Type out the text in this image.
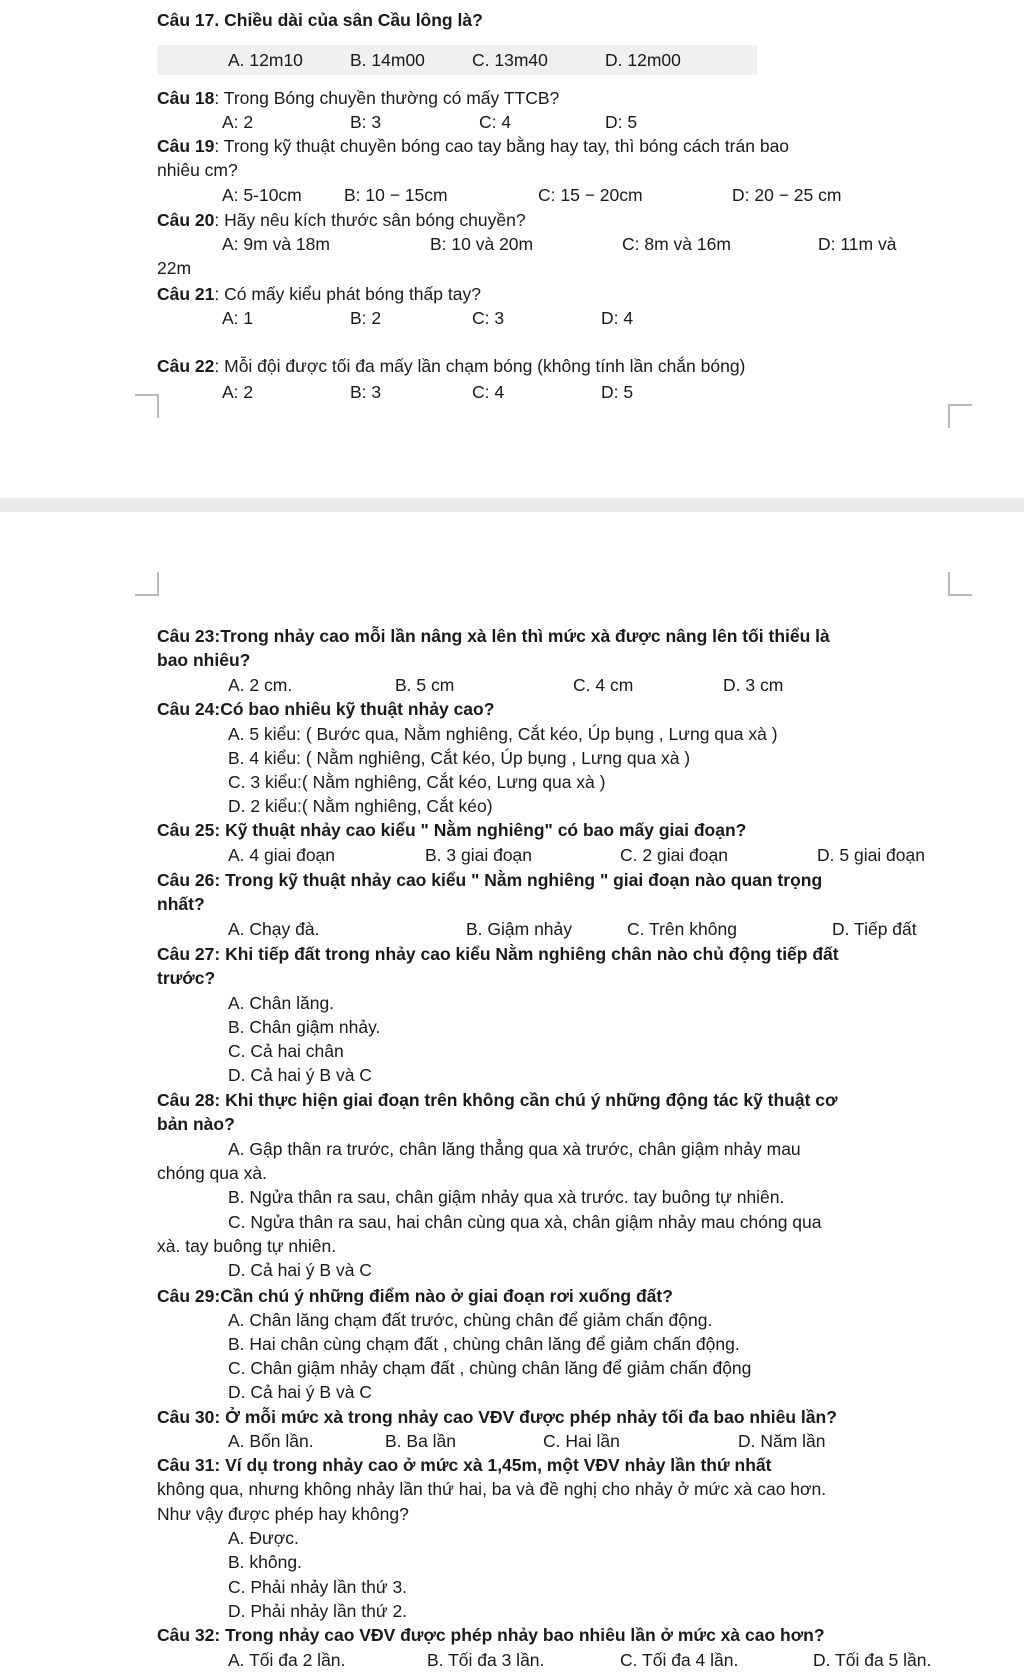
Câu 17. Chiều dài của sân Cầu lông là?
A. 12m10	B. 14m00	C. 13m40	D. 12m00
Câu 18: Trong Bóng chuyền thường có mấy TTCB?
A: 2	B: 3	C: 4	D: 5
Câu 19: Trong kỹ thuật chuyền bóng cao tay bằng hay tay, thì bóng cách trán bao
nhiêu cm?
A: 5-10cm B: 10 − 15cm	C: 15 − 20cm	D: 20 − 25 cm
Câu 20: Hãy nêu kích thước sân bóng chuyền?
A: 9m và 18m	B: 10 và 20m	C: 8m và 16m	D: 11m và
22m
Câu 21: Có mấy kiểu phát bóng thấp tay?
A: 1	B: 2	C: 3	D: 4
Câu 22: Mỗi đội được tối đa mấy lần chạm bóng (không tính lần chắn bóng)
A: 2	B: 3	C: 4	D: 5
Câu 23:Trong nhảy cao mỗi lần nâng xà lên thì mức xà được nâng lên tối thiểu là
bao nhiêu?
A. 2 cm.	B. 5 cm	C. 4 cm	D. 3 cm
Câu 24:Có bao nhiêu kỹ thuật nhảy cao?
A. 5 kiểu: ( Bước qua, Nằm nghiêng, Cắt kéo, Úp bụng , Lưng qua xà )
B. 4 kiểu: ( Nằm nghiêng, Cắt kéo, Úp bụng , Lưng qua xà )
C. 3 kiểu:( Nằm nghiêng, Cắt kéo, Lưng qua xà )
D. 2 kiểu:( Nằm nghiêng, Cắt kéo)
Câu 25: Kỹ thuật nhảy cao kiểu " Nằm nghiêng" có bao mấy giai đoạn?
A. 4 giai đoạn	B. 3 giai đoạn	C. 2 giai đoạn	D. 5 giai đoạn
Câu 26: Trong kỹ thuật nhảy cao kiểu " Nằm nghiêng " giai đoạn nào quan trọng
nhất?
A. Chạy đà.	B. Giậm nhảy	C. Trên không	D. Tiếp đất
Câu 27: Khi tiếp đất trong nhảy cao kiểu Nằm nghiêng chân nào chủ động tiếp đất
trước?
A. Chân lăng.
B. Chân giậm nhảy.
C. Cả hai chân
D. Cả hai ý B và C
Câu 28: Khi thực hiện giai đoạn trên không cần chú ý những động tác kỹ thuật cơ
bản nào?
A. Gập thân ra trước, chân lăng thẳng qua xà trước, chân giậm nhảy mau
chóng qua xà.
B. Ngửa thân ra sau, chân giậm nhảy qua xà trước. tay buông tự nhiên.
C. Ngửa thân ra sau, hai chân cùng qua xà, chân giậm nhảy mau chóng qua
xà. tay buông tự nhiên.
D. Cả hai ý B và C
Câu 29:Cần chú ý những điểm nào ở giai đoạn rơi xuống đất?
A. Chân lăng chạm đất trước, chùng chân để giảm chấn động.
B. Hai chân cùng chạm đất , chùng chân lăng để giảm chấn động.
C. Chân giậm nhảy chạm đất , chùng chân lăng để giảm chấn động
D. Cả hai ý B và C
Câu 30: Ở mỗi mức xà trong nhảy cao VĐV được phép nhảy tối đa bao nhiêu lần?
A. Bốn lần.	B. Ba lần	C. Hai lần	D. Năm lần
Câu 31: Ví dụ trong nhảy cao ở mức xà 1,45m, một VĐV nhảy lần thứ nhất
không qua, nhưng không nhảy lần thứ hai, ba và đề nghị cho nhảy ở mức xà cao hơn.
Như vậy được phép hay không?
A. Được.
B. không.
C. Phải nhảy lần thứ 3.
D. Phải nhảy lần thứ 2.
Câu 32: Trong nhảy cao VĐV được phép nhảy bao nhiêu lần ở mức xà cao hơn?
A. Tối đa 2 lần.	B. Tối đa 3 lần.	C. Tối đa 4 lần.	D. Tối đa 5 lần.
